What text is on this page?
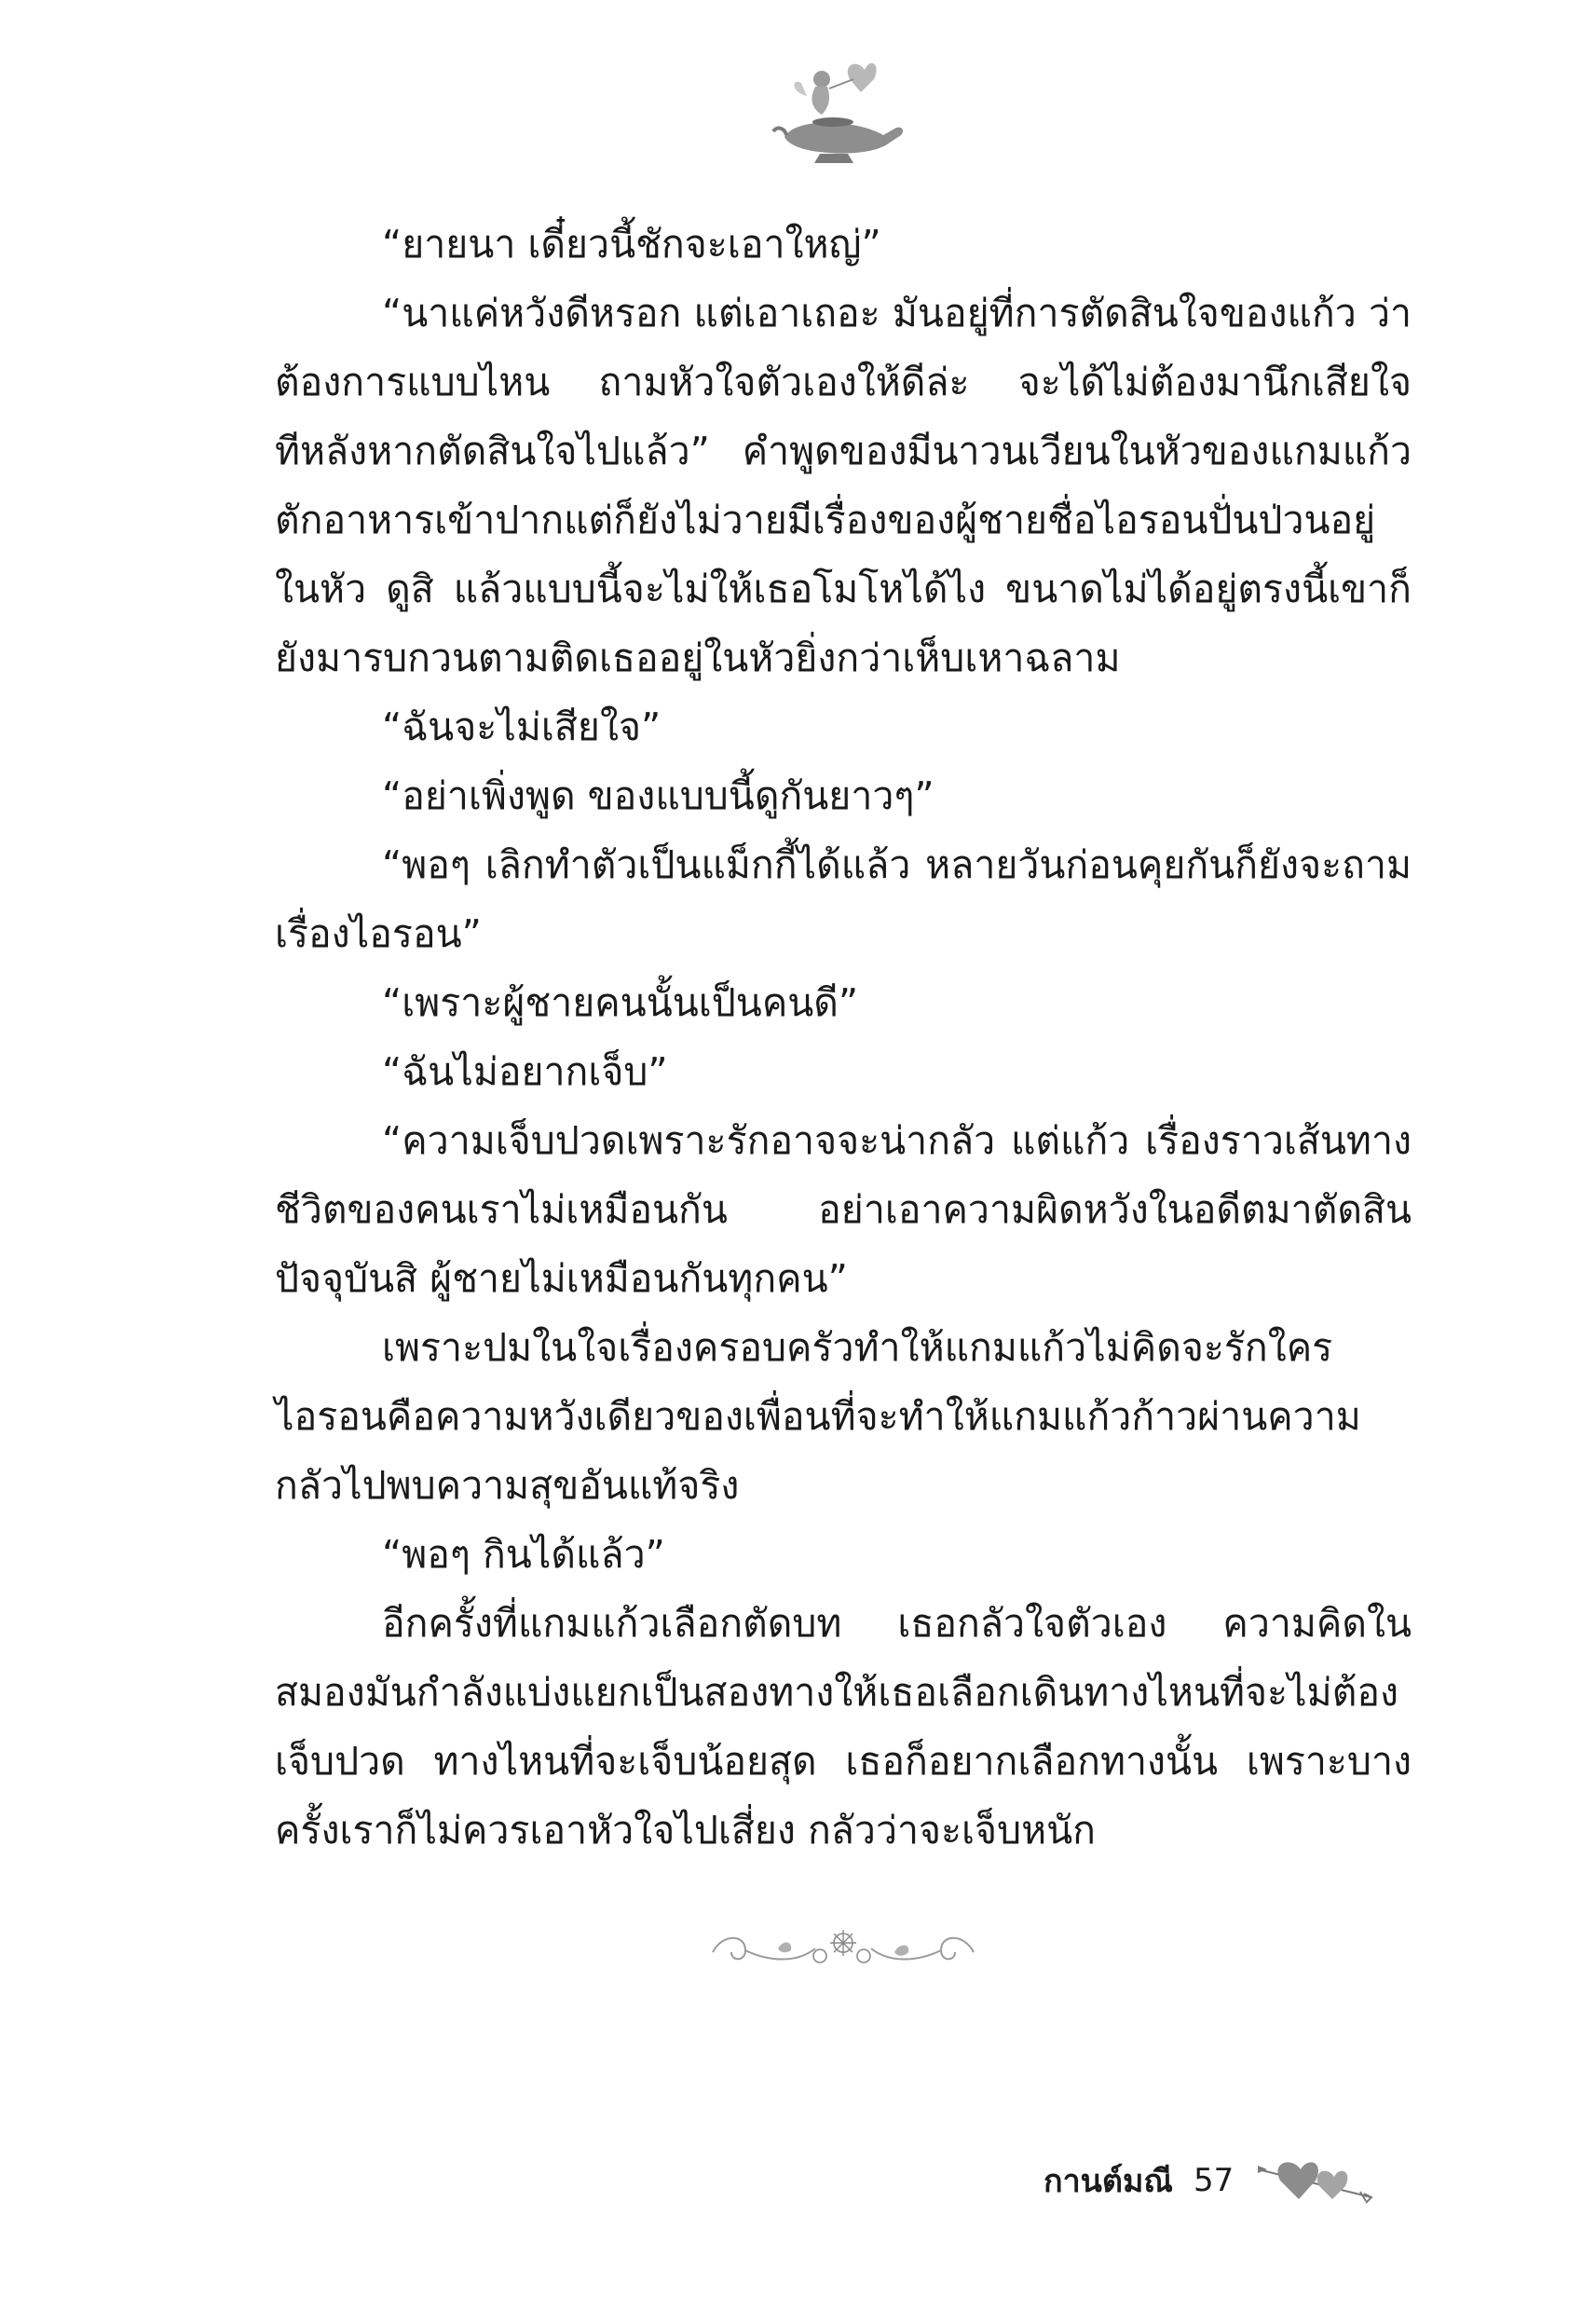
“ยายนา เดี๋ยวนี้ชักจะเอาใหญ่”

“นาแค่หวังดีหรอก แต่เอาเถอะ มันอยู่ที่การตัดสินใจของแก้ว ว่าต้องการแบบไหน ถามหัวใจตัวเองให้ดีล่ะ จะได้ไม่ต้องมานึกเสียใจทีหลังหากตัดสินใจไปแล้ว” คำพูดของมีนาวนเวียนในหัวของแกมแก้วตักอาหารเข้าปากแต่ก็ยังไม่วายมีเรื่องของผู้ชายชื่อไอรอนปั่นป่วนอยู่ในหัว ดูสิ แล้วแบบนี้จะไม่ให้เธอโมโหได้ไง ขนาดไม่ได้อยู่ตรงนี้เขาก็ยังมารบกวนตามติดเธออยู่ในหัวยิ่งกว่าเห็บเหาฉลาม

“ฉันจะไม่เสียใจ”

“อย่าเพิ่งพูด ของแบบนี้ดูกันยาวๆ”

“พอๆ เลิกทำตัวเป็นแม็กกี้ได้แล้ว หลายวันก่อนคุยกันก็ยังจะถามเรื่องไอรอน”

“เพราะผู้ชายคนนั้นเป็นคนดี”

“ฉันไม่อยากเจ็บ”

“ความเจ็บปวดเพราะรักอาจจะน่ากลัว แต่แก้ว เรื่องราวเส้นทางชีวิตของคนเราไม่เหมือนกัน อย่าเอาความผิดหวังในอดีตมาตัดสินปัจจุบันสิ ผู้ชายไม่เหมือนกันทุกคน”

เพราะปมในใจเรื่องครอบครัวทำให้แกมแก้วไม่คิดจะรักใคร ไอรอนคือความหวังเดียวของเพื่อนที่จะทำให้แกมแก้วก้าวผ่านความกลัวไปพบความสุขอันแท้จริง

“พอๆ กินได้แล้ว”

อีกครั้งที่แกมแก้วเลือกตัดบท เธอกลัวใจตัวเอง ความคิดในสมองมันกำลังแบ่งแยกเป็นสองทางให้เธอเลือกเดินทางไหนที่จะไม่ต้องเจ็บปวด ทางไหนที่จะเจ็บน้อยสุด เธอก็อยากเลือกทางนั้น เพราะบางครั้งเราก็ไม่ควรเอาหัวใจไปเสี่ยง กลัวว่าจะเจ็บหนัก

กานต์มณี 57
